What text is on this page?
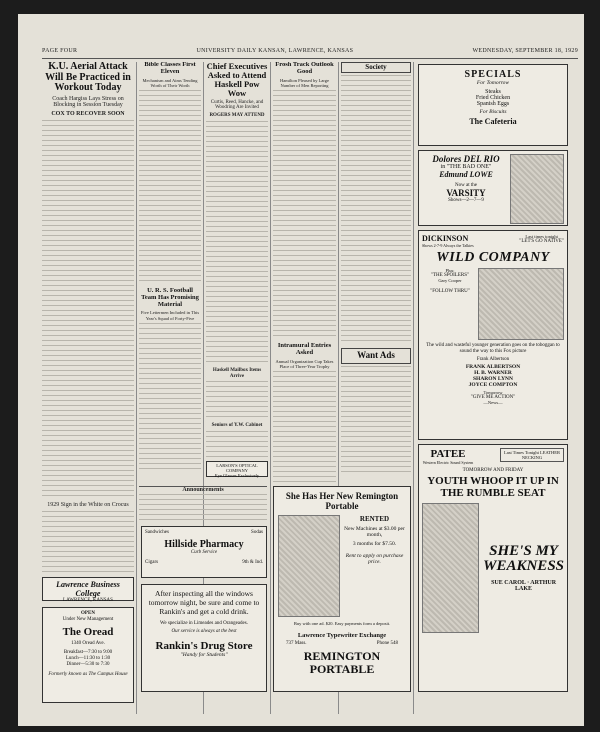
PAGE FOUR	UNIVERSITY DAILY KANSAN, LAWRENCE, KANSAS	WEDNESDAY, SEPTEMBER 18, 1929
K.U. Aerial Attack Will Be Practiced in Workout Today
Coach Hargiss Lays Stress on Blocking in Session Tuesday
COX TO RECOVER SOON

1929 Sign in the White on Crocus

Lawrence Business College
LAWRENCE, KANSAS
OPEN
Under New Management
The Oread
1340 Oread Ave.
Breakfast—7:30 to 9:00
Lunch—11:30 to 1:30
Dinner—5:30 to 7:30
Formerly known as The Campus House
Bible Classes First Eleven
Mechanism and Aims Tending Worth of Their Worth

U. R. S. Football Team Has Promising Material
Five Lettermen Included in This Year's Squad of Forty-Five

Chief Executives Asked to Attend Haskell Pow Wow
Curtis, Reed, Hancke, and Woodring Are Invited
ROGERS MAY ATTEND

Haskell Mailbox Items Arrive

Seniors of Y.W. Cabinet

LARSON'S OPTICAL COMPANY
Eye Glasses Exclusively
Announcements

Sandwiches	Sodas
Hillside Pharmacy
Curb Service
Cigars	9th & Ind.
After inspecting all the windows tomorrow night, be sure and come to Rankin's and get a cold drink.
We specialize in Limeades and Orangeades.
Our service is always at the best
Rankin's Drug Store
"Handy for Students"
Frosh Track Outlook Good
Hamilton Pleased by Large Number of Men Reporting

Intramural Entries Asked
Annual Organization Cup Takes Place of Three-Year Trophy

Society

Want Ads

She Has Her New Remington Portable
RENTED
New Machines at $3.00 per month,
3 months for $7.50.
Rent to apply on purchase price.
Buy with one ad. $20. Easy payments form a deposit.
Lawrence Typewriter Exchange
737 Mass.	Phone 548
REMINGTON PORTABLE
SPECIALS
For Tomorrow
Steaks
Fried Chicken
Spanish Eggs
For Biscuits
The Cafeteria
Dolores DEL RIO
in "THE BAD ONE"
Edmund LOWE
Now at the
VARSITY
Shows—2—7—9
DICKINSON
Shows 2-7-9 Always the Talkies
Last times tonight
"LET'S GO NATIVE"
WILD COMPANY
Plus:
"THE SPOILERS"
Gary Cooper
"FOLLOW THRU"
The wild and wasteful younger generation goes on the toboggan to sound the way to this Fox picture
Frank Albertson
FRANK ALBERTSON
H. B. WARNER
SHARON LYNN
JOYCE COMPTON
Tomorrow
"GIVE ME ACTION"
—News—
PATEE
Western Electric Sound System
Last Times Tonight LEATHER NECKING
TOMORROW AND FRIDAY
YOUTH WHOOP IT UP IN THE RUMBLE SEAT
SHE'S MY WEAKNESS
SUE CAROL · ARTHUR LAKE
